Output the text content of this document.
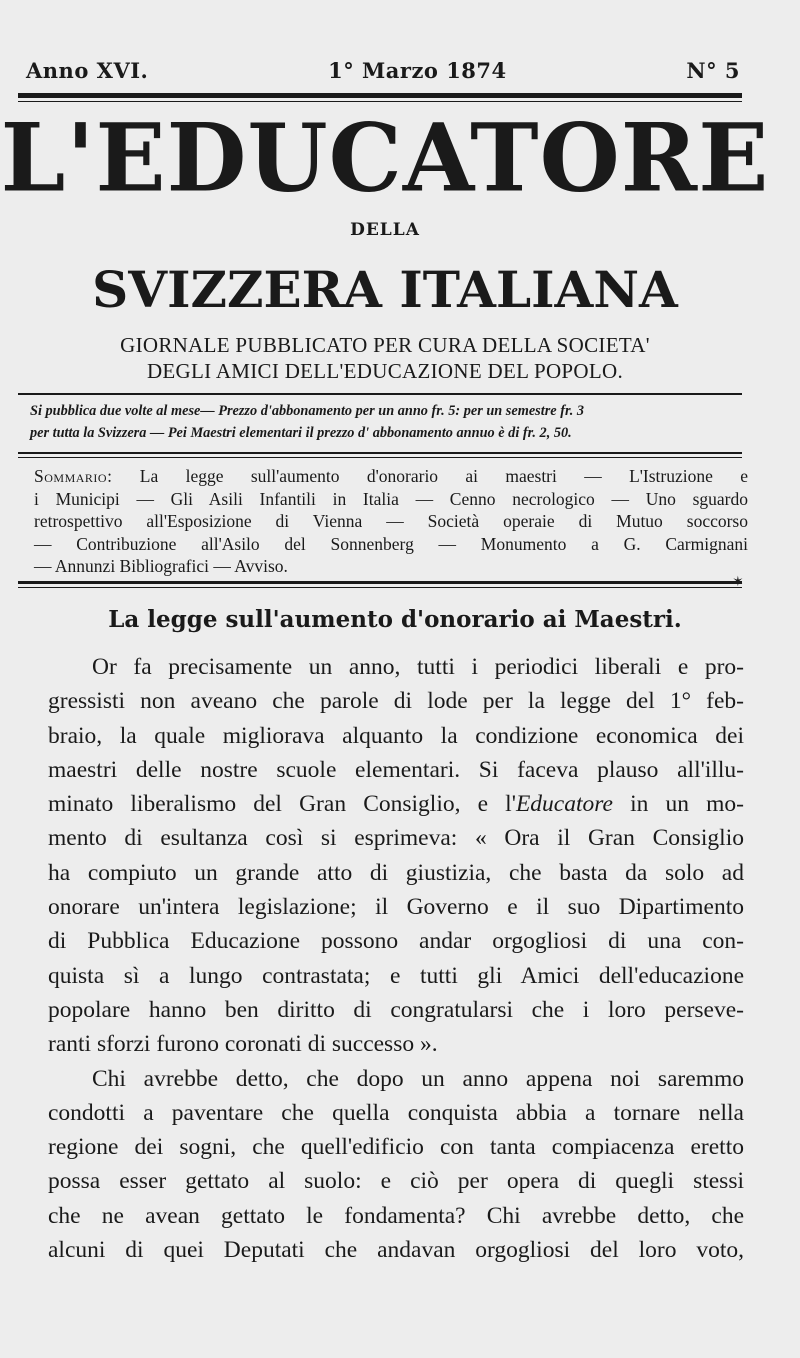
Anno XVI.	1° Marzo 1874	N° 5
L'EDUCATORE
DELLA
SVIZZERA ITALIANA
GIORNALE PUBBLICATO PER CURA DELLA SOCIETA'
DEGLI AMICI DELL'EDUCAZIONE DEL POPOLO.
Si pubblica due volte al mese— Prezzo d'abbonamento per un anno fr. 5: per un semestre fr. 3
per tutta la Svizzera — Pei Maestri elementari il prezzo d' abbonamento annuo è di fr. 2, 50.
Sommario: La legge sull'aumento d'onorario ai maestri — L'Istruzione e
i Municipi — Gli Asili Infantili in Italia — Cenno necrologico — Uno sguardo
retrospettivo all'Esposizione di Vienna — Società operaie di Mutuo soccorso
— Contribuzione all'Asilo del Sonnenberg — Monumento a G. Carmignani
— Annunzi Bibliografici — Avviso.
✶
La legge sull'aumento d'onorario ai Maestri.
Or fa precisamente un anno, tutti i periodici liberali e pro-
gressisti non aveano che parole di lode per la legge del 1° feb-
braio, la quale migliorava alquanto la condizione economica dei
maestri delle nostre scuole elementari. Si faceva plauso all'illu-
minato liberalismo del Gran Consiglio, e l'Educatore in un mo-
mento di esultanza così si esprimeva: « Ora il Gran Consiglio
ha compiuto un grande atto di giustizia, che basta da solo ad
onorare un'intera legislazione; il Governo e il suo Dipartimento
di Pubblica Educazione possono andar orgogliosi di una con-
quista sì a lungo contrastata; e tutti gli Amici dell'educazione
popolare hanno ben diritto di congratularsi che i loro perseve-
ranti sforzi furono coronati di successo ».
Chi avrebbe detto, che dopo un anno appena noi saremmo
condotti a paventare che quella conquista abbia a tornare nella
regione dei sogni, che quell'edificio con tanta compiacenza eretto
possa esser gettato al suolo: e ciò per opera di quegli stessi
che ne avean gettato le fondamenta? Chi avrebbe detto, che
alcuni di quei Deputati che andavan orgogliosi del loro voto,
